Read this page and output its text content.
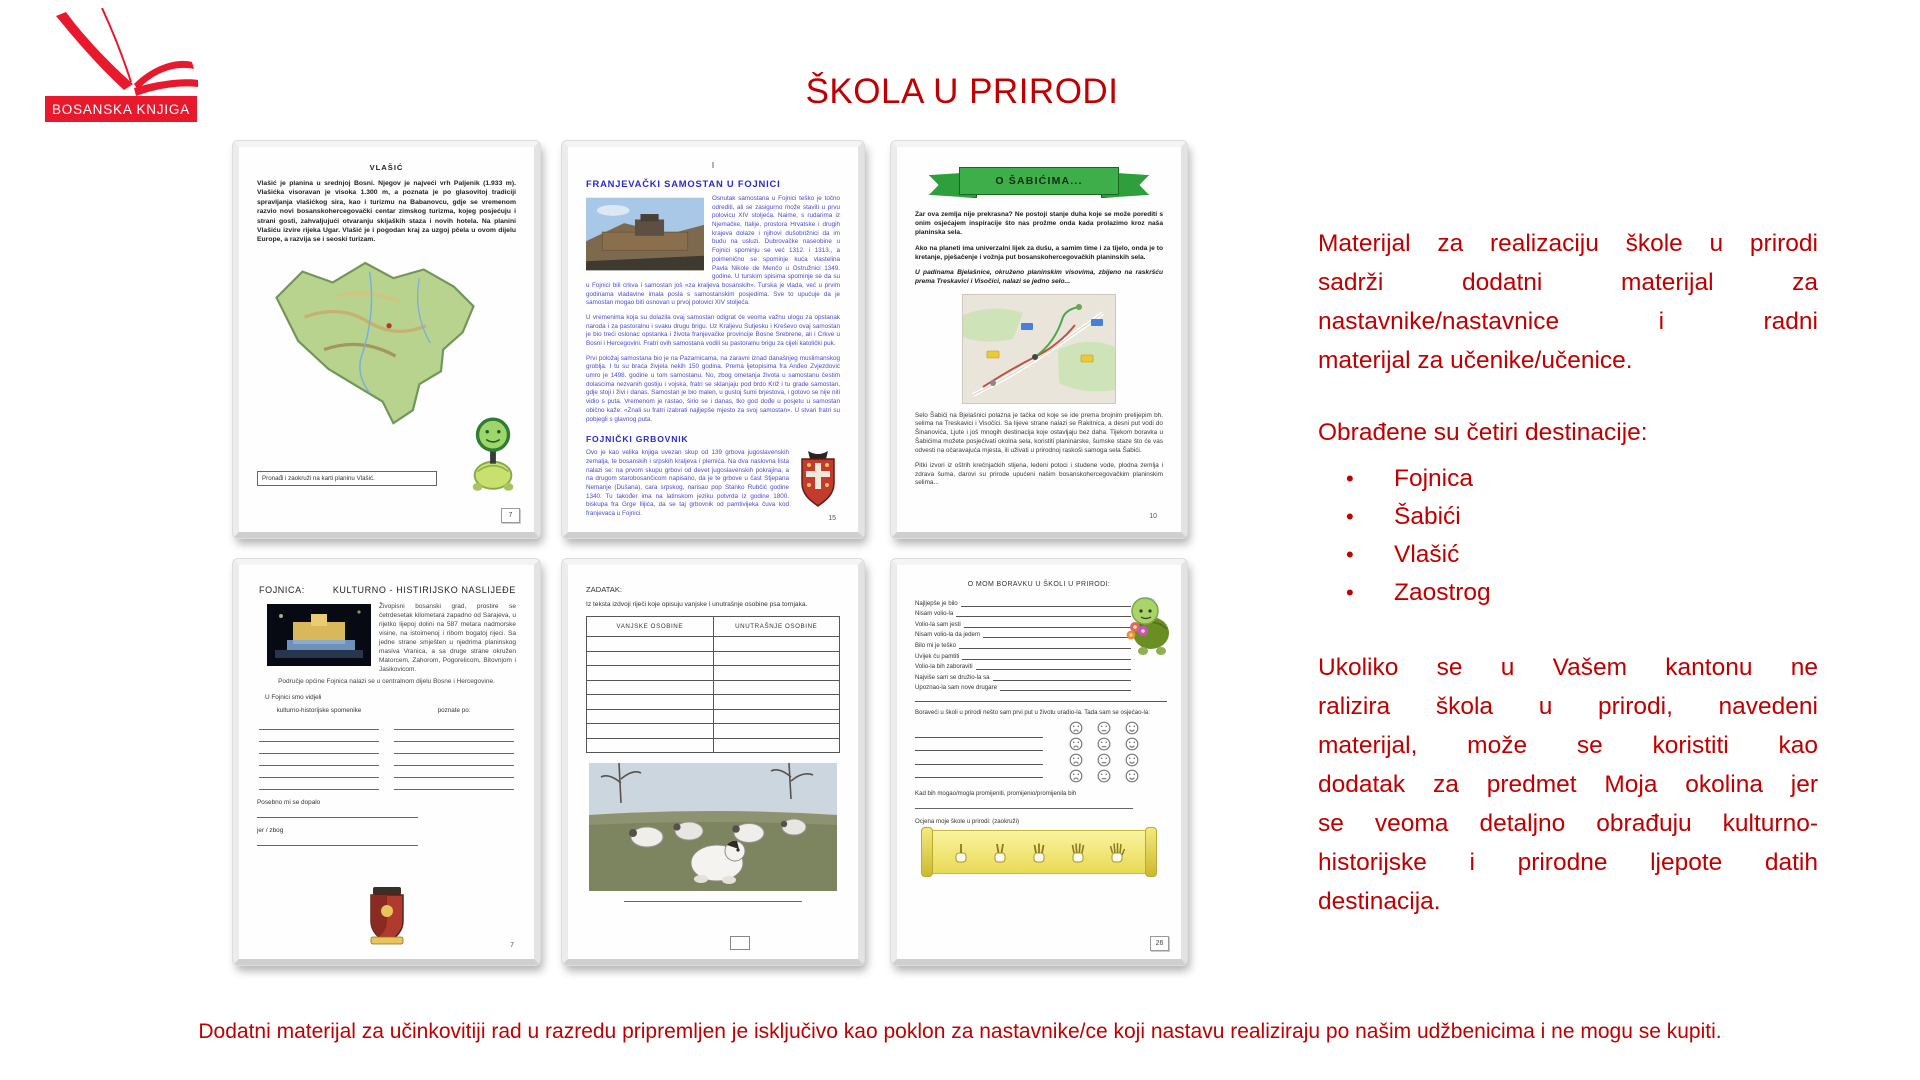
BOSANSKA KNJIGA	ŠKOLA U PRIRODI
VLAŠIĆ

Vlašić je planina u srednjoj Bosni. Njegov je najveći vrh Paljenik (1.933 m). Vlašićka visoravan je visoka 1.300 m, a poznata je po glasovitoj tradiciji spravljanja vlašićkog sira, kao i turizmu na Babanovcu, gdje se vremenom razvio novi bosanskohercegovački centar zimskog turizma, kojeg posjećuju i strani gosti, zahvaljujući otvaranju skijaških staza i novih hotela. Na planini Vlašiću izvire rijeka Ugar. Vlašić je i pogodan kraj za uzgoj pčela u ovom dijelu Europe, a razvija se i seoski turizam.

Pronađi i zaokruži na karti planinu Vlašić.
7
I
FRANJEVAČKI SAMOSTAN U FOJNICI

Osnutak samostana u Fojnici teško je točno odrediti, ali se zasigurno može staviti u prvu polovicu XIV stoljeća. Naime, s rudarima iz Njemačke, Italije, prostora Hrvatske i drugih krajeva dolaze i njihovi dušobrižnici da im budu na usluzi. Dubrovačke naseobine u Fojnici spominju se već 1312. i 1313., a poimenično se spominje kuća vlastelina Pavla Nikole de Menčo u Ostružnici 1349. godine. U turskim spisima spominje se da su u Fojnici bili crkva i samostan još «za kraljeva bosanskih». Turska je vlada, već u prvim godinama vladavine imala posla s samostanskim posjedima. Sve to upućuje da je samostan mogao biti osnovan u prvoj polovici XIV stoljeća.

U vremenima koja su dolazila ovaj samostan odigrat će veoma važnu ulogu za opstanak naroda i za pastoralnu i svaku drugu brigu. Uz Kraljevu Sutjesku i Kreševo ovaj samostan je bio treći oslonac opstanka i života franjevačke provincije Bosne Srebrene, ali i Crkve u Bosni i Hercegovini. Fratri ovih samostana vodili su pastoralnu brigu za cijeli katolički puk.

Prvi položaj samostana bio je na Pazarnicama, na zaravni iznad današnjeg muslimanskog groblja. I tu su braća živjela nekih 150 godina. Prema ljetopisima fra Anđeo Zvjezdović umro je 1498. godine u tom samostanu. No, zbog ometanja života u samostanu čestim dolascima nezvanih gostiju i vojska, fratri se sklanjaju pod brdo Križ i tu grade samostan, gdje stoji i živi i danas. Samostan je bio malen, u gustoj šumi brjestova, i gotovo se nije niti vidio s puta. Vremenom je rastao, širio se i danas, tko god dođe u posjetu u samostan obično kaže: «Znali su fratri izabrati najljepše mjesto za svoj samostan». U stvari fratri su pobjegli s glavnog puta.

FOJNIČKI GRBOVNIK

Ovo je kao velika knjiga uvezan skup od 139 grbova jugoslavenskih zemalja, te bosanskih i srpskih kraljeva i plemića. Na dva naslovna lista nalazi se: na prvom skupu grbovi od devet jugoslavenskih pokrajina, a na drugom starobosančicom napisano, da je te grbove u čast Stjepana Nemanje (Dušana), cara srpskog, narisao pop Stanko Rubčić godine 1340. Tu također ima na latinskom jeziku potvrda iz godine 1800. biskupa fra Grge Ilijića, da se taj grbovnik od pamtivijeka čuva kod franjevaca u Fojnici.

15
O ŠABIĆIMA...

Zar ova zemlja nije prekrasna? Ne postoji stanje duha koje se može porediti s onim osjećajem inspiracije što nas prožme onda kada prolazimo kroz naša planinska sela.

Ako na planeti ima univerzalni lijek za dušu, a samim time i za tijelo, onda je to kretanje, pješačenje i vožnja put bosanskohercegovačkih planinskih sela.

U padinama Bjelašnice, okruženo planinskim visovima, zbijeno na raskršću prema Treskavici i Visočici, nalazi se jedno selo...

Selo Šabići na Bjelašnici polazna je tačka od koje se ide prema brojnim prelijepim bh. selima na Treskavici i Visočici. Sa lijeve strane nalazi se Rakitnica, a desni put vodi do Šinanovića, Ljute i još mnogih destinacija koje ostavljaju bez daha. Tijekom boravka u Šabićima možete posjećivati okolna sela, koristiti planinarske, šumske staze što će vas odvesti na očaravajuća mjesta, ili uživati u prirodnoj raskoši samoga sela Šabići.

Pitki izvori iz oštrih krečnjačkih stijena, ledeni potoci i studene vode, plodna zemlja i zdrava šuma, darovi su prirode upućeni našim bosanskohercegovačkim planinskim selima...

10
FOJNICA:	KULTURNO - HISTIRIJSKO NASLIJEĐE

Živopisni bosanski grad, prostire se četrdesetak kilometara zapadno od Sarajeva, u rijetko lijepoj dolini na 587 metara nadmorske visine, na istoimenoj i ribom bogatoj rijeci. Sa jedne strane smješten u njedrima planinskog masiva Vranica, a sa druge strane okružen Matorcem, Zahorom, Pogorelicom, Bitovnjom i Jasikovicom.

Područje općine Fojnica nalazi se u centralnom dijelu Bosne i Hercegovine.
U Fojnici smo vidjeli
kulturno-historijske spomenike	poznate po:
Posebno mi se dopalo
jer / zbog
7
ZADATAK:
Iz teksta izdvoji riječi koje opisuju vanjske i unutrašnje osobine psa tornjaka.
VANJSKE OSOBINE	UNUTRAŠNJE OSOBINE

O MOM BORAVKU U ŠKOLI U PRIRODI:
Najljepše je bilo
Nisam volio-la
Volio-la sam jesti
Nisam volio-la da jedem
Bilo mi je teško
Uvijek ću pamtiti
Volio-la bih zaboraviti
Najviše sam se družio-la sa
Upoznao-la sam nove drugare
Boraveći u školi u prirodi nešto sam prvi put u životu uradio-la. Tada sam se osjećao-la:
Kad bih mogao/mogla promijeniti, promijenio/promijenila bih
Ocjena moje škole u prirodi: (zaokruži)
26
Materijal za realizaciju škole u prirodi
sadrži dodatni materijal za
nastavnike/nastavnice i radni
materijal za učenike/učenice.
Obrađene su četiri destinacije:
•	Fojnica
•	Šabići
•	Vlašić
•	Zaostrog
Ukoliko se u Vašem kantonu ne
ralizira škola u prirodi, navedeni
materijal, može se koristiti kao
dodatak za predmet Moja okolina jer
se veoma detaljno obrađuju kulturno-
historijske i prirodne ljepote datih
destinacija.
Dodatni materijal za učinkovitiji rad u razredu pripremljen je isključivo kao poklon za nastavnike/ce koji nastavu realiziraju po našim udžbenicima i ne mogu se kupiti.
